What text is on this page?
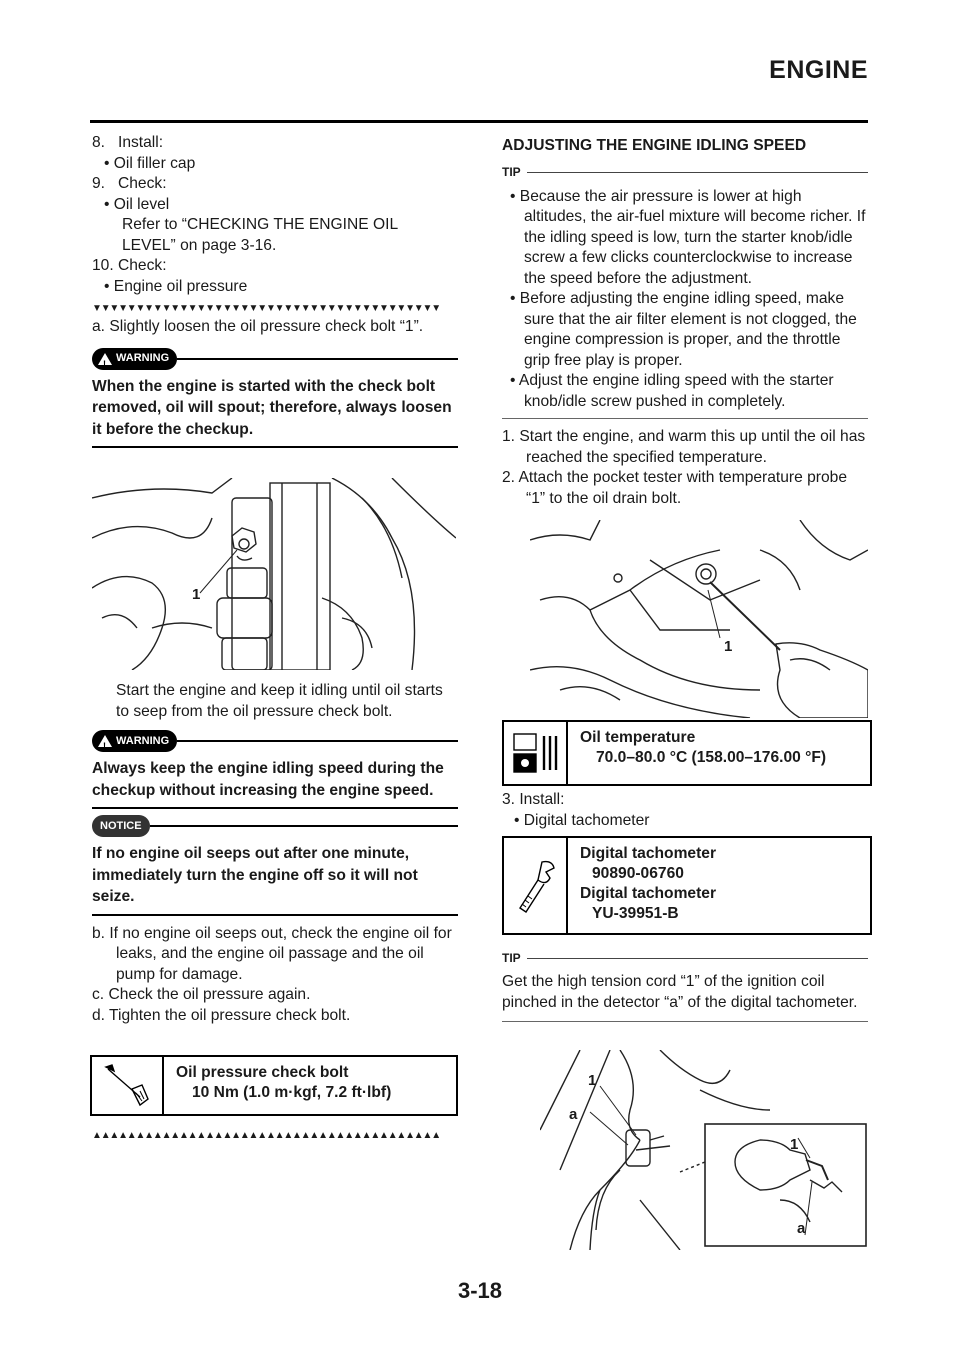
ENGINE
8. Install:
• Oil filler cap
9. Check:
• Oil level
Refer to “CHECKING THE ENGINE OIL
LEVEL” on page 3-16.
10. Check:
• Engine oil pressure
▼▼▼▼▼▼▼▼▼▼▼▼▼▼▼▼▼▼▼▼▼▼▼▼▼▼▼▼▼▼▼▼▼▼▼▼▼▼▼▼
a. Slightly loosen the oil pressure check bolt “1”.
! WARNING
When the engine is started with the check bolt removed, oil will spout; therefore, always loosen it before the checkup.
1
Start the engine and keep it idling until oil starts to seep from the oil pressure check bolt.
! WARNING
Always keep the engine idling speed during the checkup without increasing the engine speed.
NOTICE
If no engine oil seeps out after one minute, immediately turn the engine off so it will not seize.
b. If no engine oil seeps out, check the engine oil for leaks, and the engine oil passage and the oil pump for damage.
c. Check the oil pressure again.
d. Tighten the oil pressure check bolt.
Oil pressure check bolt
10 Nm (1.0 m·kgf, 7.2 ft·lbf)
▲▲▲▲▲▲▲▲▲▲▲▲▲▲▲▲▲▲▲▲▲▲▲▲▲▲▲▲▲▲▲▲▲▲▲▲▲▲▲▲
ADJUSTING THE ENGINE IDLING SPEED
TIP
• Because the air pressure is lower at high altitudes, the air-fuel mixture will become richer. If the idling speed is low, turn the starter knob/idle screw a few clicks counterclockwise to increase the speed before the adjustment.
• Before adjusting the engine idling speed, make sure that the air filter element is not clogged, the engine compression is proper, and the throttle grip free play is proper.
• Adjust the engine idling speed with the starter knob/idle screw pushed in completely.
1. Start the engine, and warm this up until the oil has reached the specified temperature.
2. Attach the pocket tester with temperature probe “1” to the oil drain bolt.
1
Oil temperature
70.0–80.0 °C (158.00–176.00 °F)
3. Install:
• Digital tachometer
Digital tachometer
90890-06760
Digital tachometer
YU-39951-B
TIP
Get the high tension cord “1” of the ignition coil pinched in the detector “a” of the digital tachometer.
1
a
1
a
3-18
